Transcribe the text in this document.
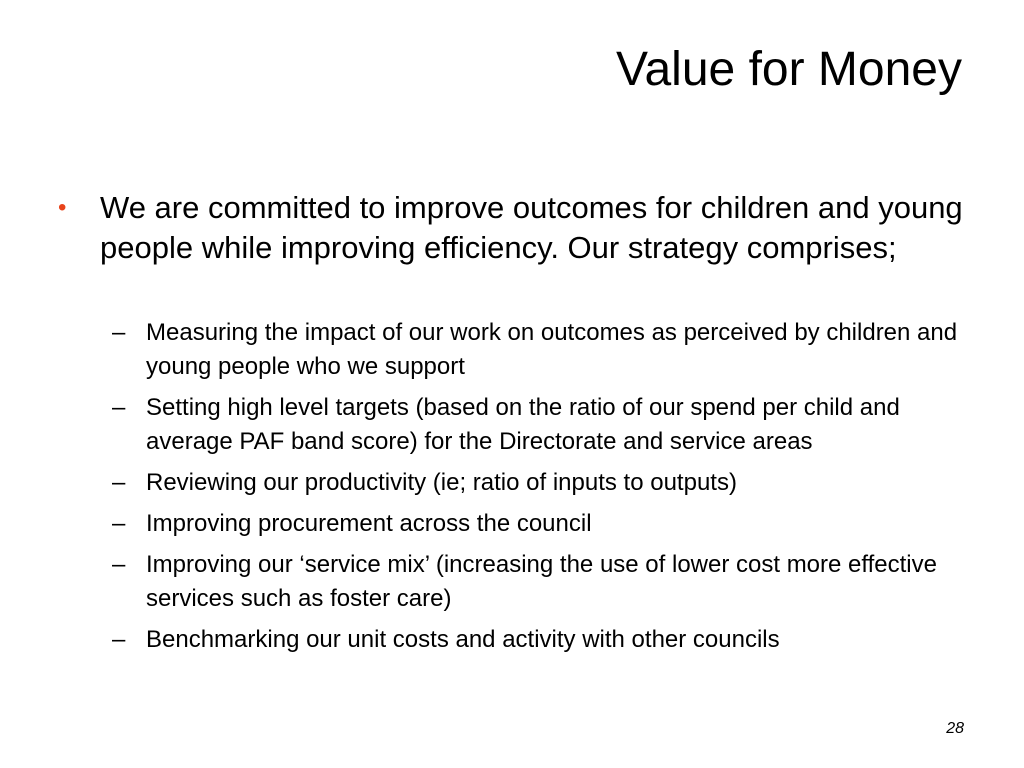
Value for Money
•	We are committed to improve outcomes for children and young people while improving efficiency. Our strategy comprises;
– Measuring the impact of our work on outcomes as perceived by children and young people who we support
– Setting high level targets (based on the ratio of our spend per child and average PAF band score) for the Directorate and service areas
– Reviewing our productivity (ie; ratio of inputs to outputs)
– Improving procurement across the council
– Improving our ‘service mix’ (increasing the use of lower cost more effective services such as foster care)
– Benchmarking our unit costs and activity with other councils
28
